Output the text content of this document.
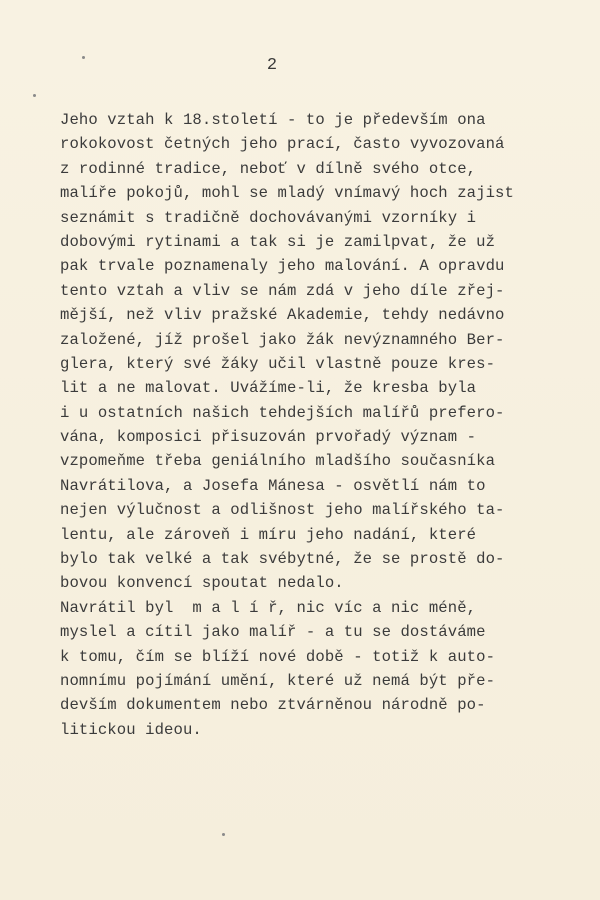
2
Jeho vztah k 18.století - to je především ona
rokokovost četných jeho prací, často vyvozovaná
z rodinné tradice, neboť v dílně svého otce,
malíře pokojů, mohl se mladý vnímavý hoch zajist
seznámit s tradičně dochovávanými vzorníky i
dobovými rytinami a tak si je zamilpvat, že už
pak trvale poznamenaly jeho malování. A opravdu
tento vztah a vliv se nám zdá v jeho díle zřej-
mější, než vliv pražské Akademie, tehdy nedávno
založené, jíž prošel jako žák nevýznamného Ber-
glera, který své žáky učil vlastně pouze kres-
lit a ne malovat. Uvážíme-li, že kresba byla
i u ostatních našich tehdejších malířů prefero-
vána, komposici přisuzován prvořadý význam -
vzpomeňme třeba geniálního mladšího současníka
Navrátilova, a Josefa Mánesa - osvětlí nám to
nejen výlučnost a odlišnost jeho malířského ta-
lentu, ale zároveň i míru jeho nadání, které
bylo tak velké a tak svébytné, že se prostě do-
bovou konvencí spoutat nedalo.
Navrátil byl  m a l í ř, nic víc a nic méně,
myslel a cítil jako malíř - a tu se dostáváme
k tomu, čím se blíží nové době - totiž k auto-
nomnímu pojímání umění, které už nemá být pře-
devším dokumentem nebo ztvárněnou národně po-
litickou ideou.
